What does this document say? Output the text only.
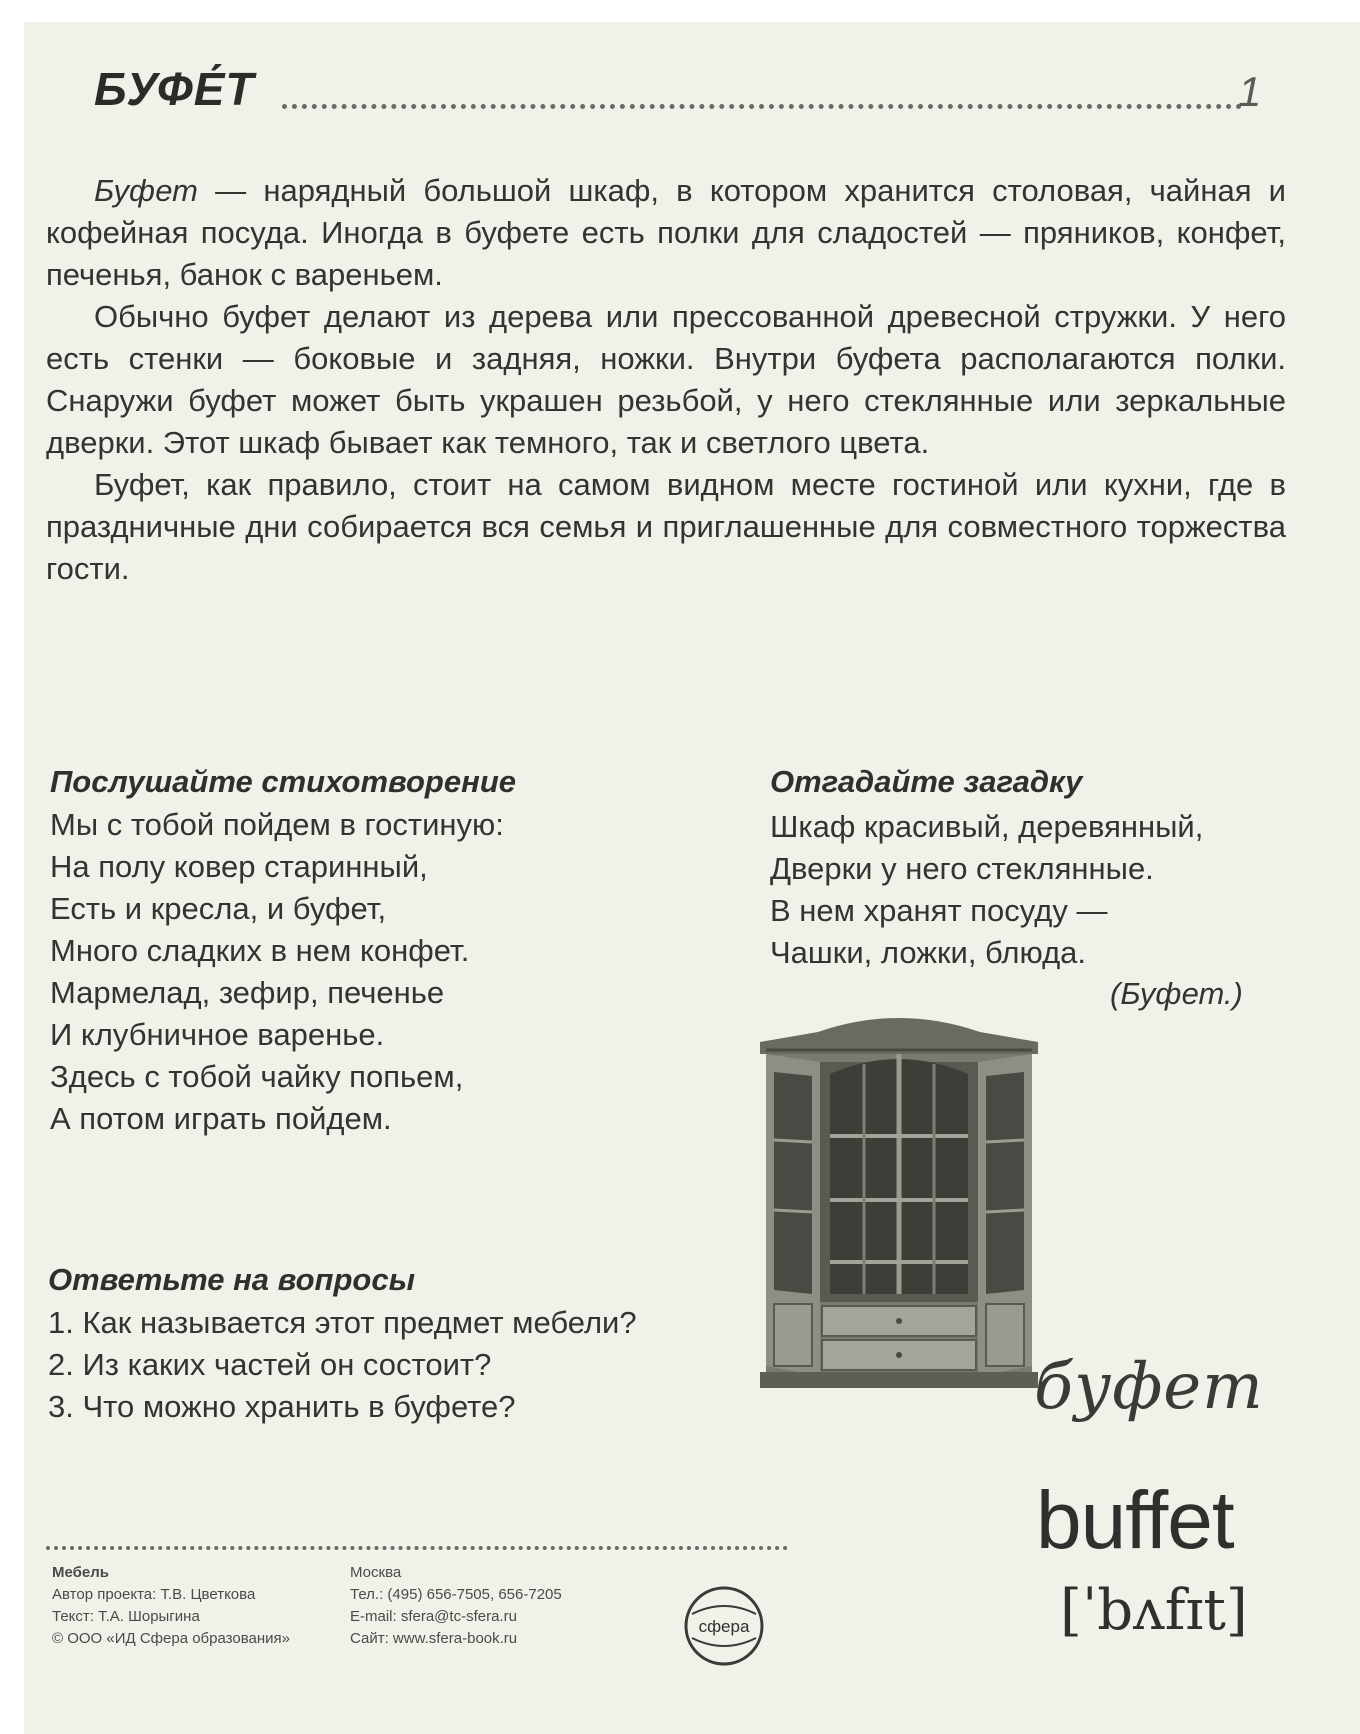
БУФЕ́Т	1

Буфет — нарядный большой шкаф, в котором хранится столовая, чайная и кофейная посуда. Иногда в буфете есть полки для сладостей — пряников, конфет, печенья, банок с вареньем.

Обычно буфет делают из дерева или прессованной древесной стружки. У него есть стенки — боковые и задняя, ножки. Внутри буфета располагаются полки. Снаружи буфет может быть украшен резьбой, у него стеклянные или зеркальные дверки. Этот шкаф бывает как темного, так и светлого цвета.

Буфет, как правило, стоит на самом видном месте гостиной или кухни, где в праздничные дни собирается вся семья и приглашенные для совместного торжества гости.

Послушайте стихотворение
Мы с тобой пойдем в гостиную:
На полу ковер старинный,
Есть и кресла, и буфет,
Много сладких в нем конфет.
Мармелад, зефир, печенье
И клубничное варенье.
Здесь с тобой чайку попьем,
А потом играть пойдем.
Отгадайте загадку
Шкаф красивый, деревянный,
Дверки у него стеклянные.
В нем хранят посуду —
Чашки, ложки, блюда.
(Буфет.)
Ответьте на вопросы
1. Как называется этот предмет мебели?
2. Из каких частей он состоит?
3. Что можно хранить в буфете?	буфет
buffet
[ˈbʌfɪt]
Мебель
Автор проекта: Т.В. Цветкова
Текст: Т.А. Шорыгина
© ООО «ИД Сфера образования»
Москва
Тел.: (495) 656-7505, 656-7205
E-mail: sfera@tc-sfera.ru
Сайт: www.sfera-book.ru
сфера
